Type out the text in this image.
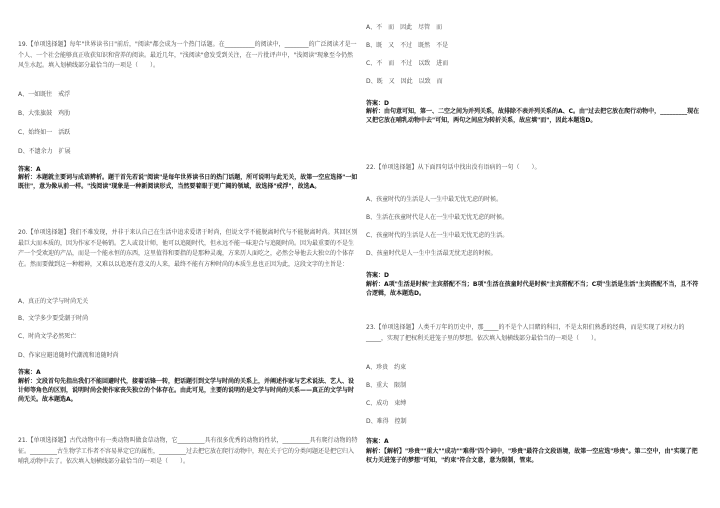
19.【单项选择题】每年"世界读书日"前后，"阅读"都会成为一个热门话题。在__________的阅读中，________的广泛阅读才是一个人、一个社会能够真正收获知识和营养的阅读。最近几年，"浅阅读"愈发受到关注，在一片批评声中，"浅阅读"现象至今仍然风生水起。填入划横线部分最恰当的一项是（　　）。
A、一如既往　戒浮
B、大张旗鼓　鸡肋
C、始终如一　活跃
D、不遗余力　扩展
答案：A
解析：本题就主要词与成语辨析。题干首先若说"阅读"是每年世界读书日的热门话题，所可说明与此无关，故第一空应选择"一如既往"，意为像从前一样。"浅阅读"现象是一种新阅读形式，当然要着眼于更广阔的领域，故选择"戒浮"，故选A。
20.【单项选择题】我们不难发现，并非于来认自己在生活中追求爱诸于时尚，但说文学不能脱离时代与不能脱离时尚。其回区别最巨大而本质的，因为作家不是畅销。艺人或设计师，他可以追随时代，但永远不能一味迎合与追随时尚。因为最重要的不是生产一个受欢迎的产品，而是一个能永恒的东西，这里值得和要指的是那种灵魂，方来历人面吃之，必然会导他去大独立的个体存在。然而要做到这一种精神，又难以以追逐有意义的人来，最终不能有方种时尚的本质生息也正因为此，这段文字的主旨是：
A、真正的文学与时尚无关
B、文学多少要受潮于时尚
C、时尚文学必然死亡
D、作家应避追随时代潮流和追随时尚
答案：A
解析：文段首句先指出我们不能回避时代，接着话锋一转，把话题引到文学与时尚的关系上，并阐述作家与艺术说法、艺人、设计师等角色的区别，说明时尚会使作家丧失独立的个体存在。由此可见，主要的说明的是文学与时尚的关系——真正的文学与时尚无关。故本题选A。
21.【单项选择题】古代动物中有一类动物叫做食草动物，它_________具有很多优秀的动物的性状，_________具有爬行动物的特征。_________古生物学工作者不容易界定它的属性，_________过去把它放在爬行动物中，现在关于它的分类问题还是把它归入哺乳动物中去了。依次填入划横线部分最恰当的一项是（　　）。
A、不　而　因此　尽管　而
B、既　又　不过　既然　不是
C、不　而　不过　以致　进而
D、既　又　因此　以致　而
答案：D
解析：由句意可知，第一、二空之间为并列关系，故排除不表并列关系的A、C。由"过去把它放在爬行动物中，_________现在又把它放在哺乳动物中去"可知，两句之间应为转折关系，故应填"而"，因此本题选D。
22.【单项选择题】从下面四句话中找出没有语病的一句（　　）。
A、孩童时代的生活是人一生中最无忧无虑的时候。
B、生活在孩童时代是人在一生中最无忧无虑的时候。
C、孩童时代的生活是人在一生中最无忧无虑的生活。
D、孩童时代是人一生中生活最无忧无虑的时候。
答案：D
解析：A项"生活是时候"主宾搭配不当；B项"生活在孩童时代是时候"主宾搭配不当；C项"生活是生活"主宾搭配不当，且不符合逻辑，故本题选D。
23.【单项选择题】人类千万年的历史中，那_____的不是个人目睹的科目，不是太阳们熟悉的经典，而是实现了对权力的_____，实现了把权利关进笼子里的梦想。依次填入划横线部分最恰当的一项是（　　）。
A、珍贵　约束
B、重大　限制
C、成功　束缚
D、难得　控制
答案：A
解析：【解析】"珍贵""重大""成功""难得"四个词中，"珍贵"最符合文段语境，故第一空应选"珍贵"。第二空中，由"实现了把权力关进笼子的梦想"可知，"约束"符合文意，意为限制，管束。
